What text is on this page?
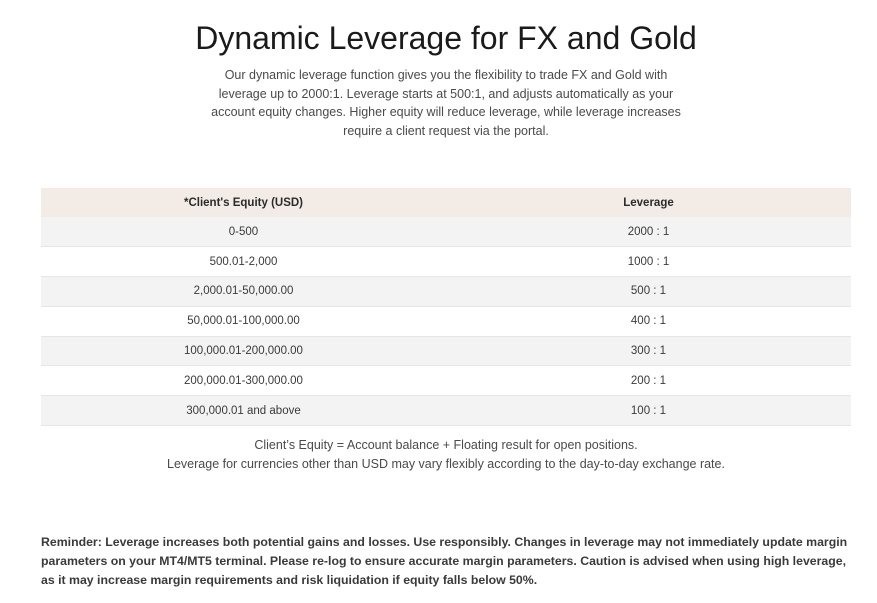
Dynamic Leverage for FX and Gold

Our dynamic leverage function gives you the flexibility to trade FX and Gold with leverage up to 2000:1. Leverage starts at 500:1, and adjusts automatically as your account equity changes. Higher equity will reduce leverage, while leverage increases require a client request via the portal.

*Client's Equity (USD)	Leverage
0-500	2000 : 1
500.01-2,000	1000 : 1
2,000.01-50,000.00	500 : 1
50,000.01-100,000.00	400 : 1
100,000.01-200,000.00	300 : 1
200,000.01-300,000.00	200 : 1
300,000.01 and above	100 : 1
Client’s Equity = Account balance + Floating result for open positions.
Leverage for currencies other than USD may vary flexibly according to the day-to-day exchange rate.

Reminder: Leverage increases both potential gains and losses. Use responsibly. Changes in leverage may not immediately update margin parameters on your MT4/MT5 terminal. Please re-log to ensure accurate margin parameters. Caution is advised when using high leverage, as it may increase margin requirements and risk liquidation if equity falls below 50%.
